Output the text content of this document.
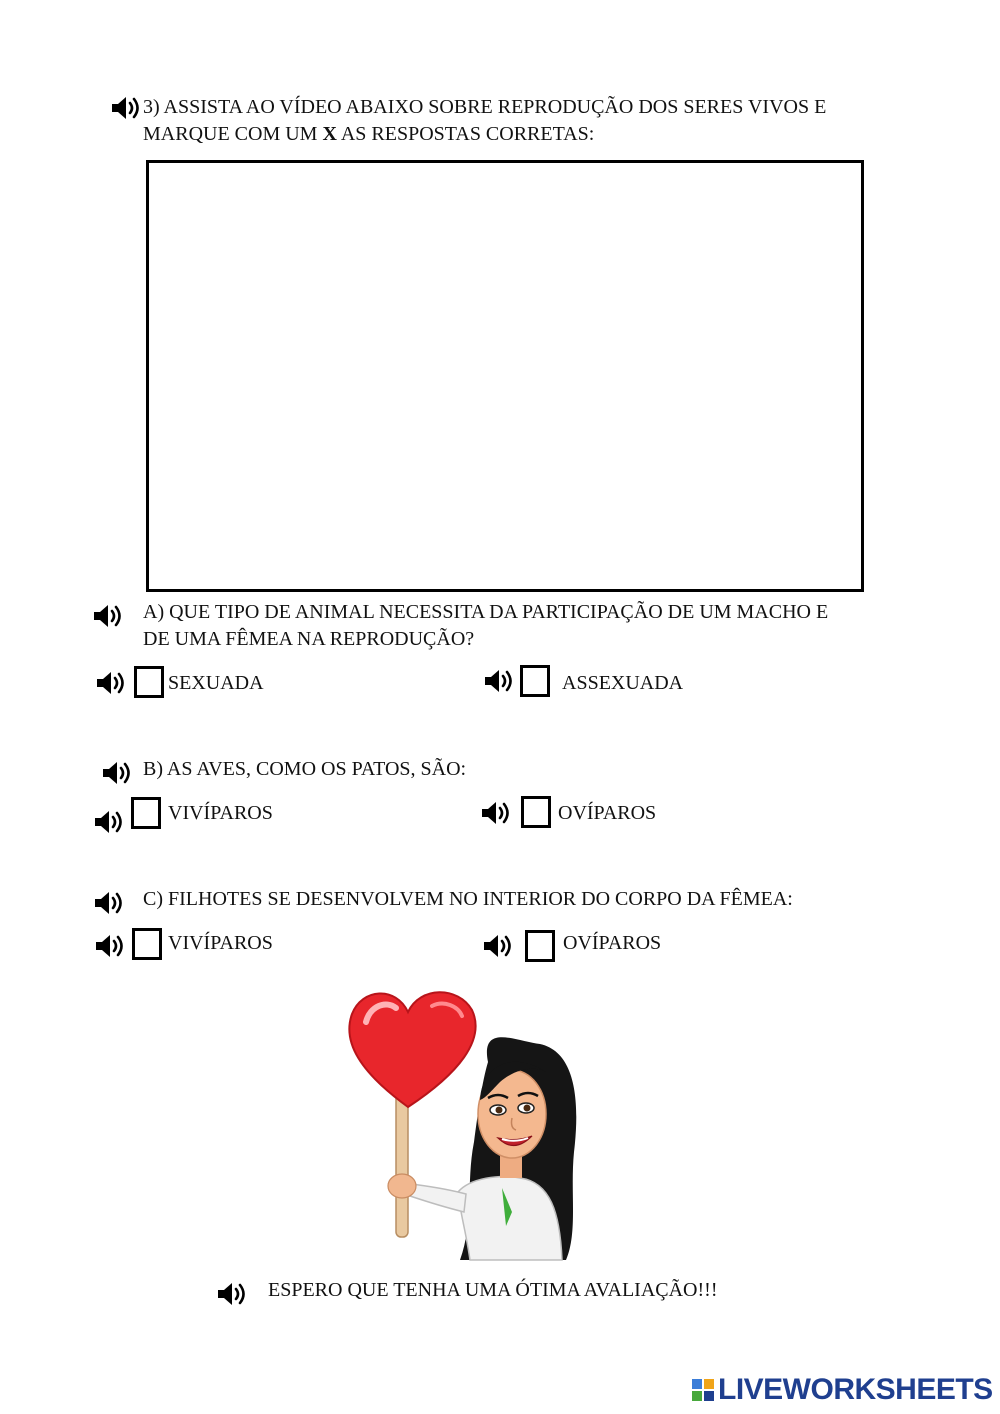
3) ASSISTA AO VÍDEO ABAIXO SOBRE REPRODUÇÃO DOS SERES VIVOS E
MARQUE COM UM X AS RESPOSTAS CORRETAS:
A) QUE TIPO DE ANIMAL NECESSITA DA PARTICIPAÇÃO DE UM MACHO E
DE UMA FÊMEA NA REPRODUÇÃO?
SEXUADA	ASSEXUADA
B) AS AVES, COMO OS PATOS, SÃO:
VIVÍPAROS	OVÍPAROS
C) FILHOTES SE DESENVOLVEM NO INTERIOR DO CORPO DA FÊMEA:
VIVÍPAROS	OVÍPAROS
ESPERO QUE TENHA UMA ÓTIMA AVALIAÇÃO!!!
LIVEWORKSHEETS
